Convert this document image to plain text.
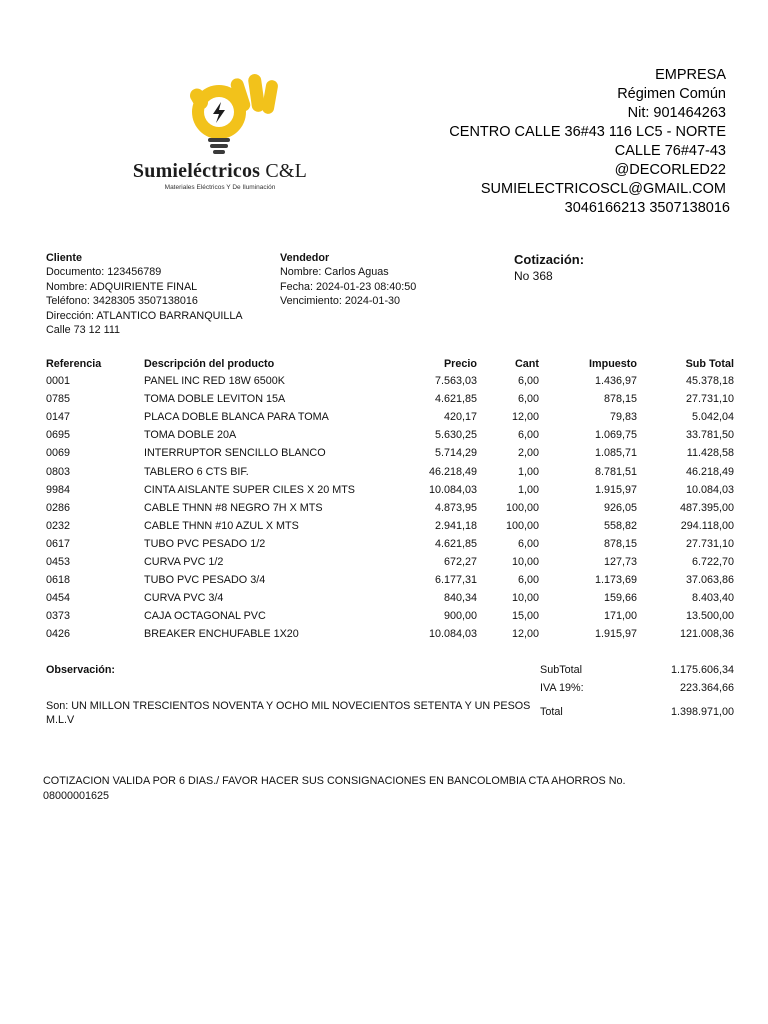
Sumieléctricos C&L
Materiales Eléctricos Y De Iluminación
EMPRESA
Régimen Común
Nit: 901464263
CENTRO CALLE 36#43 116 LC5 - NORTE
CALLE 76#47-43
@DECORLED22
SUMIELECTRICOSCL@GMAIL.COM
3046166213 3507138016
Cliente
Documento: 123456789
Nombre: ADQUIRIENTE FINAL
Teléfono: 3428305 3507138016
Dirección: ATLANTICO BARRANQUILLA
Calle 73 12 111
Vendedor
Nombre: Carlos Aguas
Fecha: 2024-01-23 08:40:50
Vencimiento: 2024-01-30
Cotización:
No 368
Referencia	Descripción del producto	Precio	Cant	Impuesto	Sub Total
0001	PANEL INC RED 18W 6500K	7.563,03	6,00	1.436,97	45.378,18
0785	TOMA DOBLE LEVITON 15A	4.621,85	6,00	878,15	27.731,10
0147	PLACA DOBLE BLANCA PARA TOMA	420,17	12,00	79,83	5.042,04
0695	TOMA DOBLE 20A	5.630,25	6,00	1.069,75	33.781,50
0069	INTERRUPTOR SENCILLO BLANCO	5.714,29	2,00	1.085,71	11.428,58
0803	TABLERO 6 CTS BIF.	46.218,49	1,00	8.781,51	46.218,49
9984	CINTA AISLANTE SUPER CILES X 20 MTS	10.084,03	1,00	1.915,97	10.084,03
0286	CABLE THNN #8 NEGRO 7H X MTS	4.873,95	100,00	926,05	487.395,00
0232	CABLE THNN #10 AZUL X MTS	2.941,18	100,00	558,82	294.118,00
0617	TUBO PVC PESADO 1/2	4.621,85	6,00	878,15	27.731,10
0453	CURVA PVC 1/2	672,27	10,00	127,73	6.722,70
0618	TUBO PVC PESADO 3/4	6.177,31	6,00	1.173,69	37.063,86
0454	CURVA PVC 3/4	840,34	10,00	159,66	8.403,40
0373	CAJA OCTAGONAL PVC	900,00	15,00	171,00	13.500,00
0426	BREAKER ENCHUFABLE 1X20	10.084,03	12,00	1.915,97	121.008,36
Observación:
Son: UN MILLON TRESCIENTOS NOVENTA Y OCHO MIL NOVECIENTOS SETENTA Y UN PESOS M.L.V
SubTotal	1.175.606,34
IVA 19%:	223.364,66
Total	1.398.971,00
COTIZACION VALIDA POR 6 DIAS./ FAVOR HACER SUS CONSIGNACIONES EN BANCOLOMBIA CTA AHORROS No. 08000001625
